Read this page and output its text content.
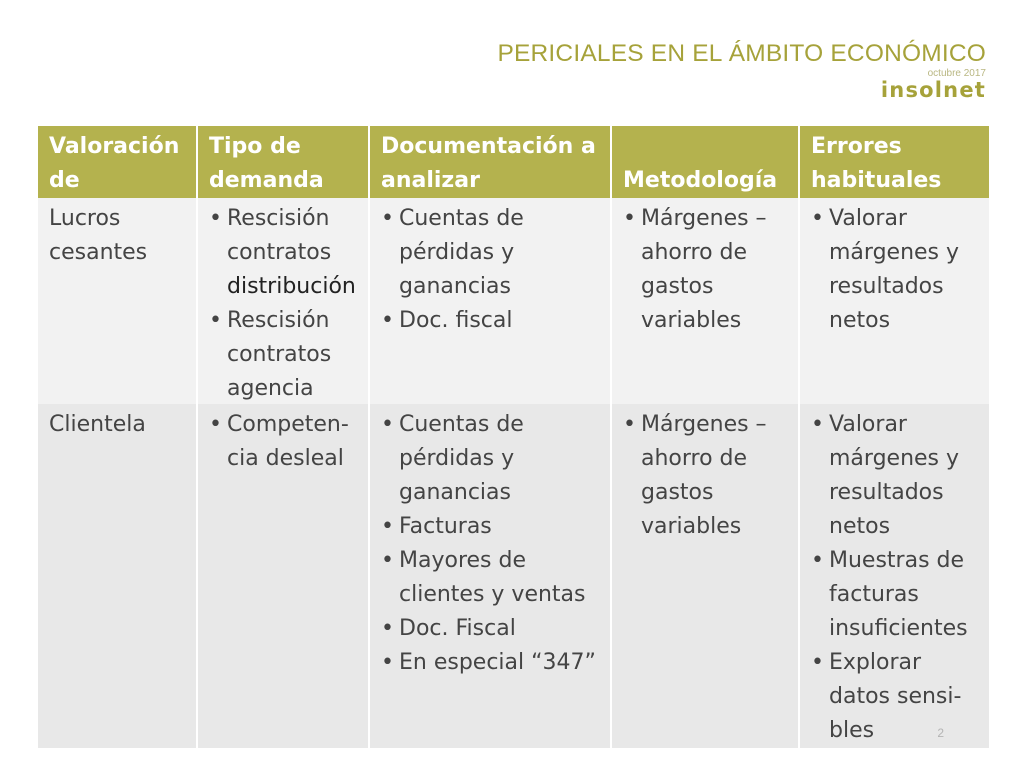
PERICIALES EN EL ÁMBITO ECONÓMICO
octubre 2017
insolnet
Valoración de
Tipo de demanda
Documentación a analizar	Metodología
Errores habituales
Lucros cesantes
• Rescisión contratos distribución
• Rescisión contratos agencia
• Cuentas de pérdidas y ganancias
• Doc. fiscal
• Márgenes – ahorro de gastos variables
• Valorar márgenes y resultados netos
Clientela
•	Competen-cia desleal
• Cuentas de pérdidas y ganancias
• Facturas
• Mayores de clientes y ventas
• Doc. Fiscal
• En especial “347”
• Márgenes – ahorro de gastos variables
• Valorar márgenes y resultados netos
• Muestras de facturas insuficientes
• Explorar datos sensi-bles	2
